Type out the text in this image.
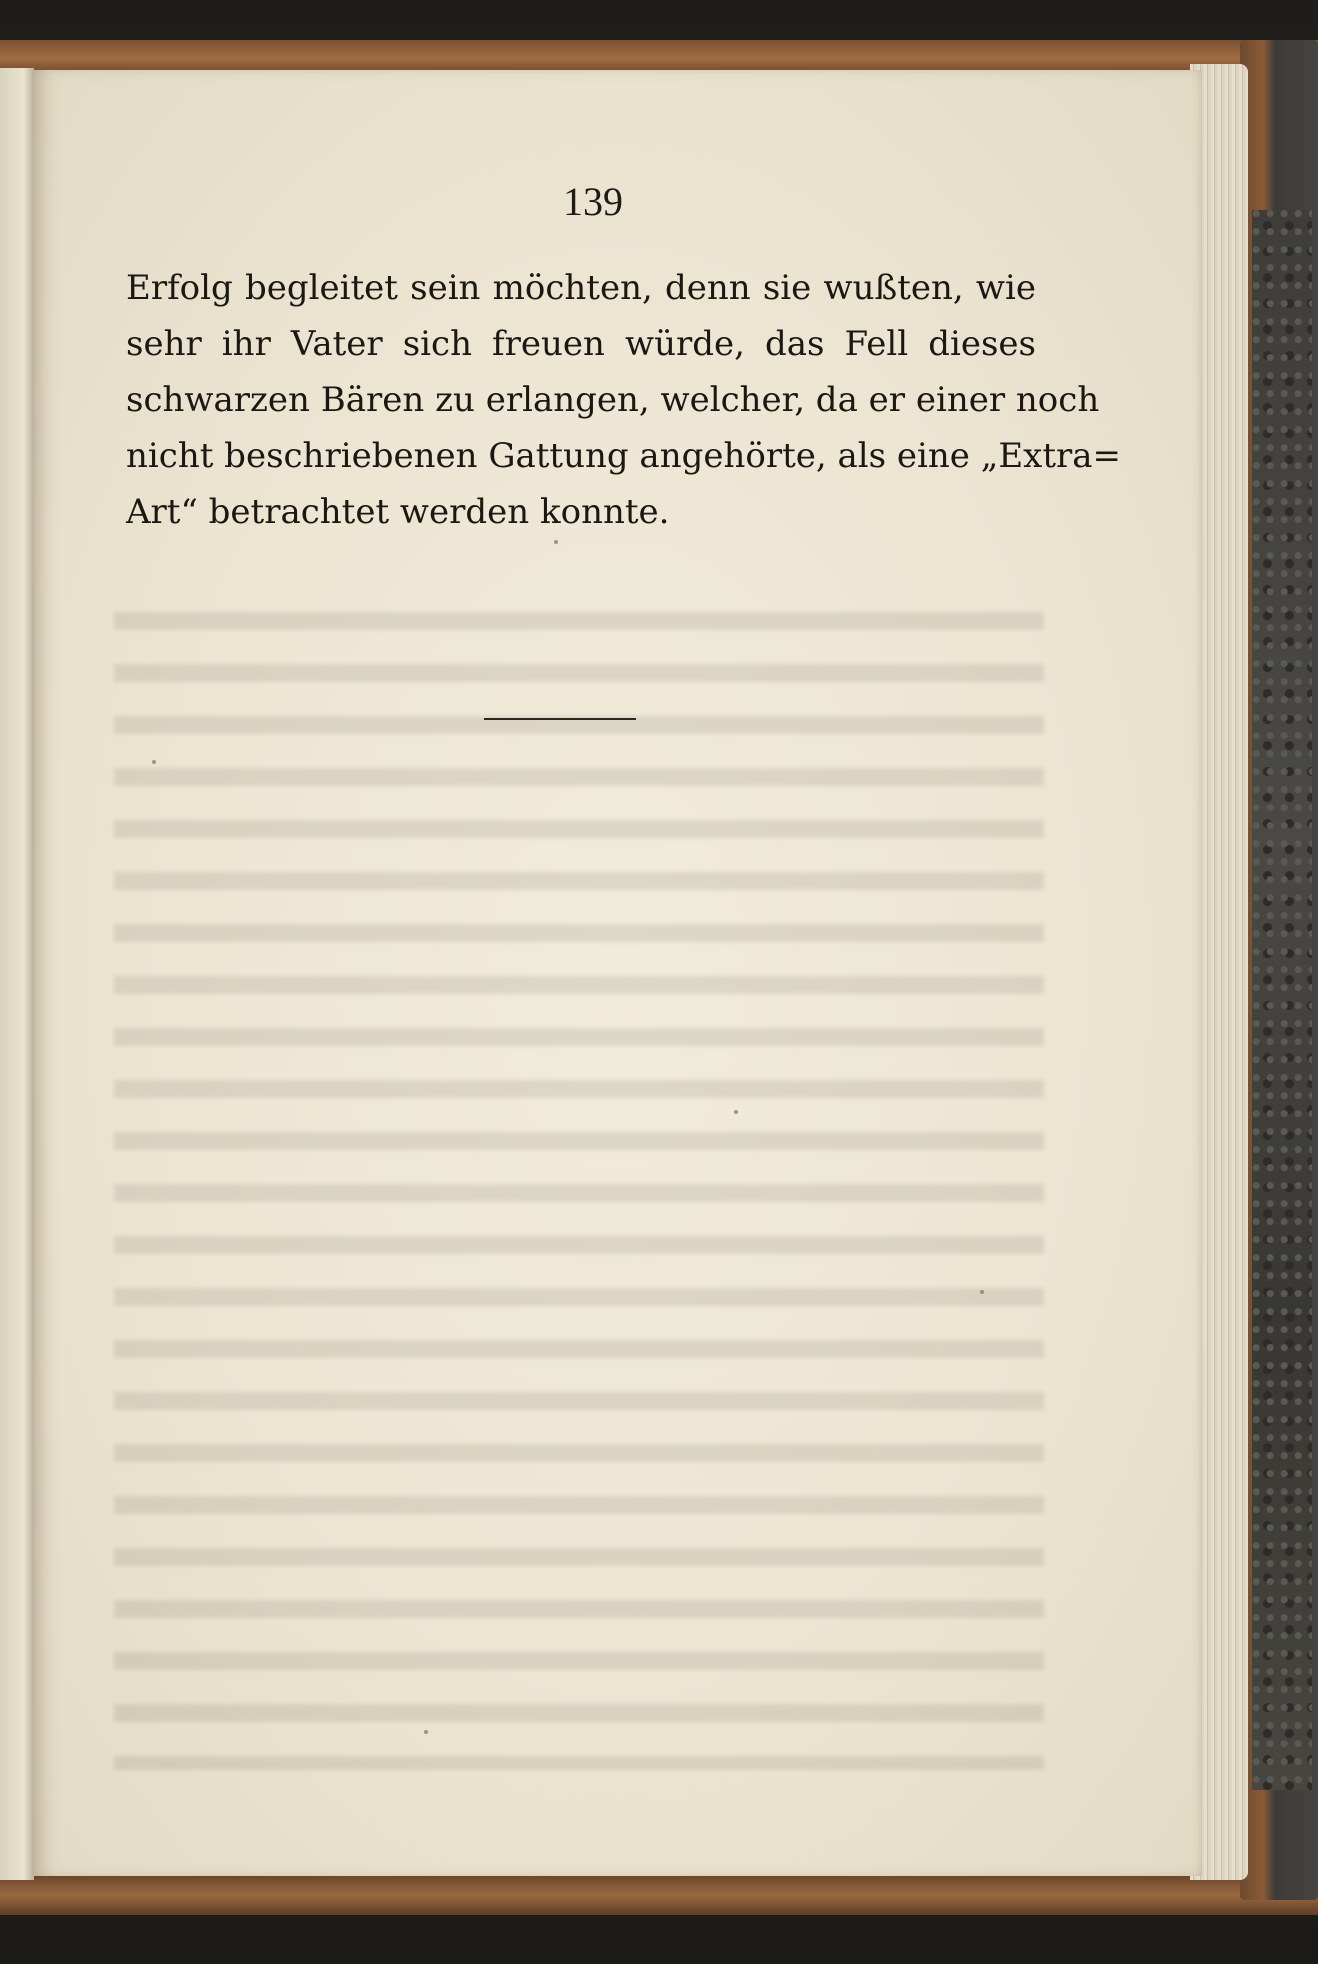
139

Erfolg begleitet sein möchten, denn sie wußten, wie
sehr ihr Vater sich freuen würde, das Fell dieses
schwarzen Bären zu erlangen, welcher, da er einer noch
nicht beschriebenen Gattung angehörte, als eine „Extra=
Art“ betrachtet werden konnte.
